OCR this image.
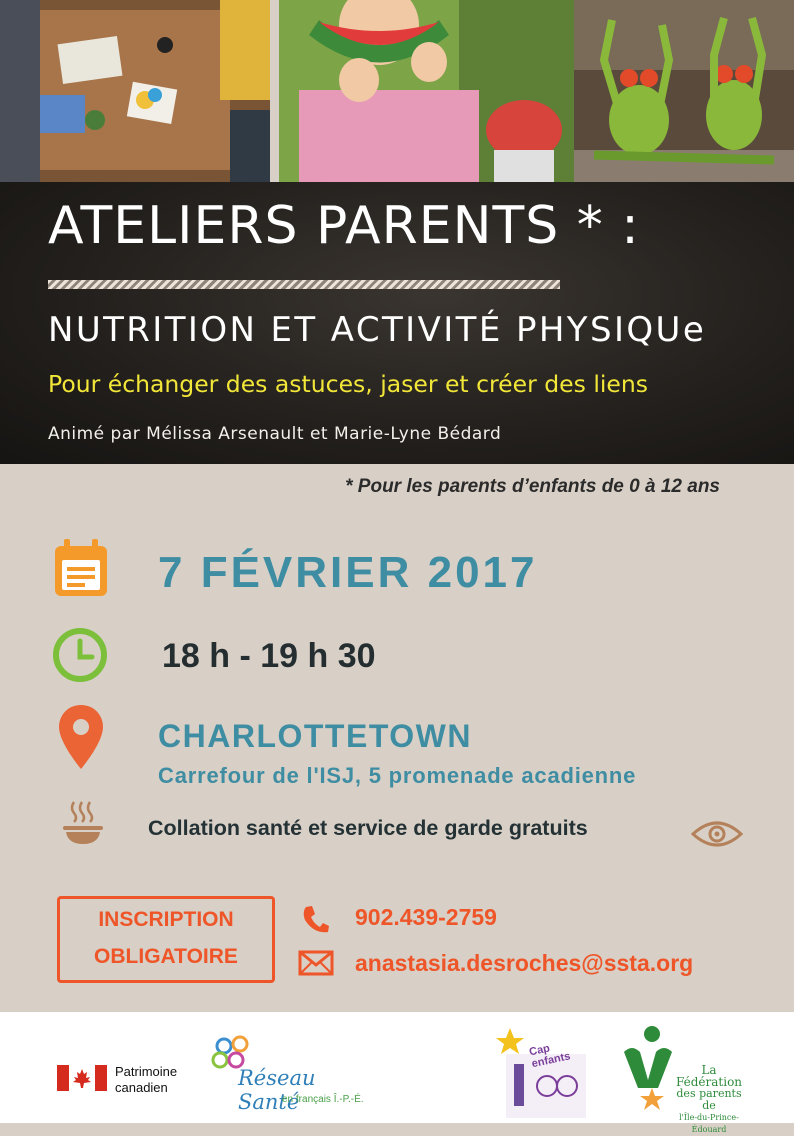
ATELIERS PARENTS * :
NUTRITION ET ACTIVITÉ PHYSIQUe
Pour échanger des astuces, jaser et créer des liens
Animé par Mélissa Arsenault et Marie-Lyne Bédard
* Pour les parents d’enfants de 0 à 12 ans
7 FÉVRIER 2017
18 h - 19 h 30
CHARLOTTETOWN
Carrefour de l'ISJ, 5 promenade acadienne
Collation santé et service de garde gratuits
INSCRIPTION
OBLIGATOIRE
902.439-2759
anastasia.desroches@ssta.org
Patrimoine
canadien	Réseau Santé
en français Î.-P.-É.
Cap enfants	La Fédération
des parents de
l'Île-du-Prince-Édouard
